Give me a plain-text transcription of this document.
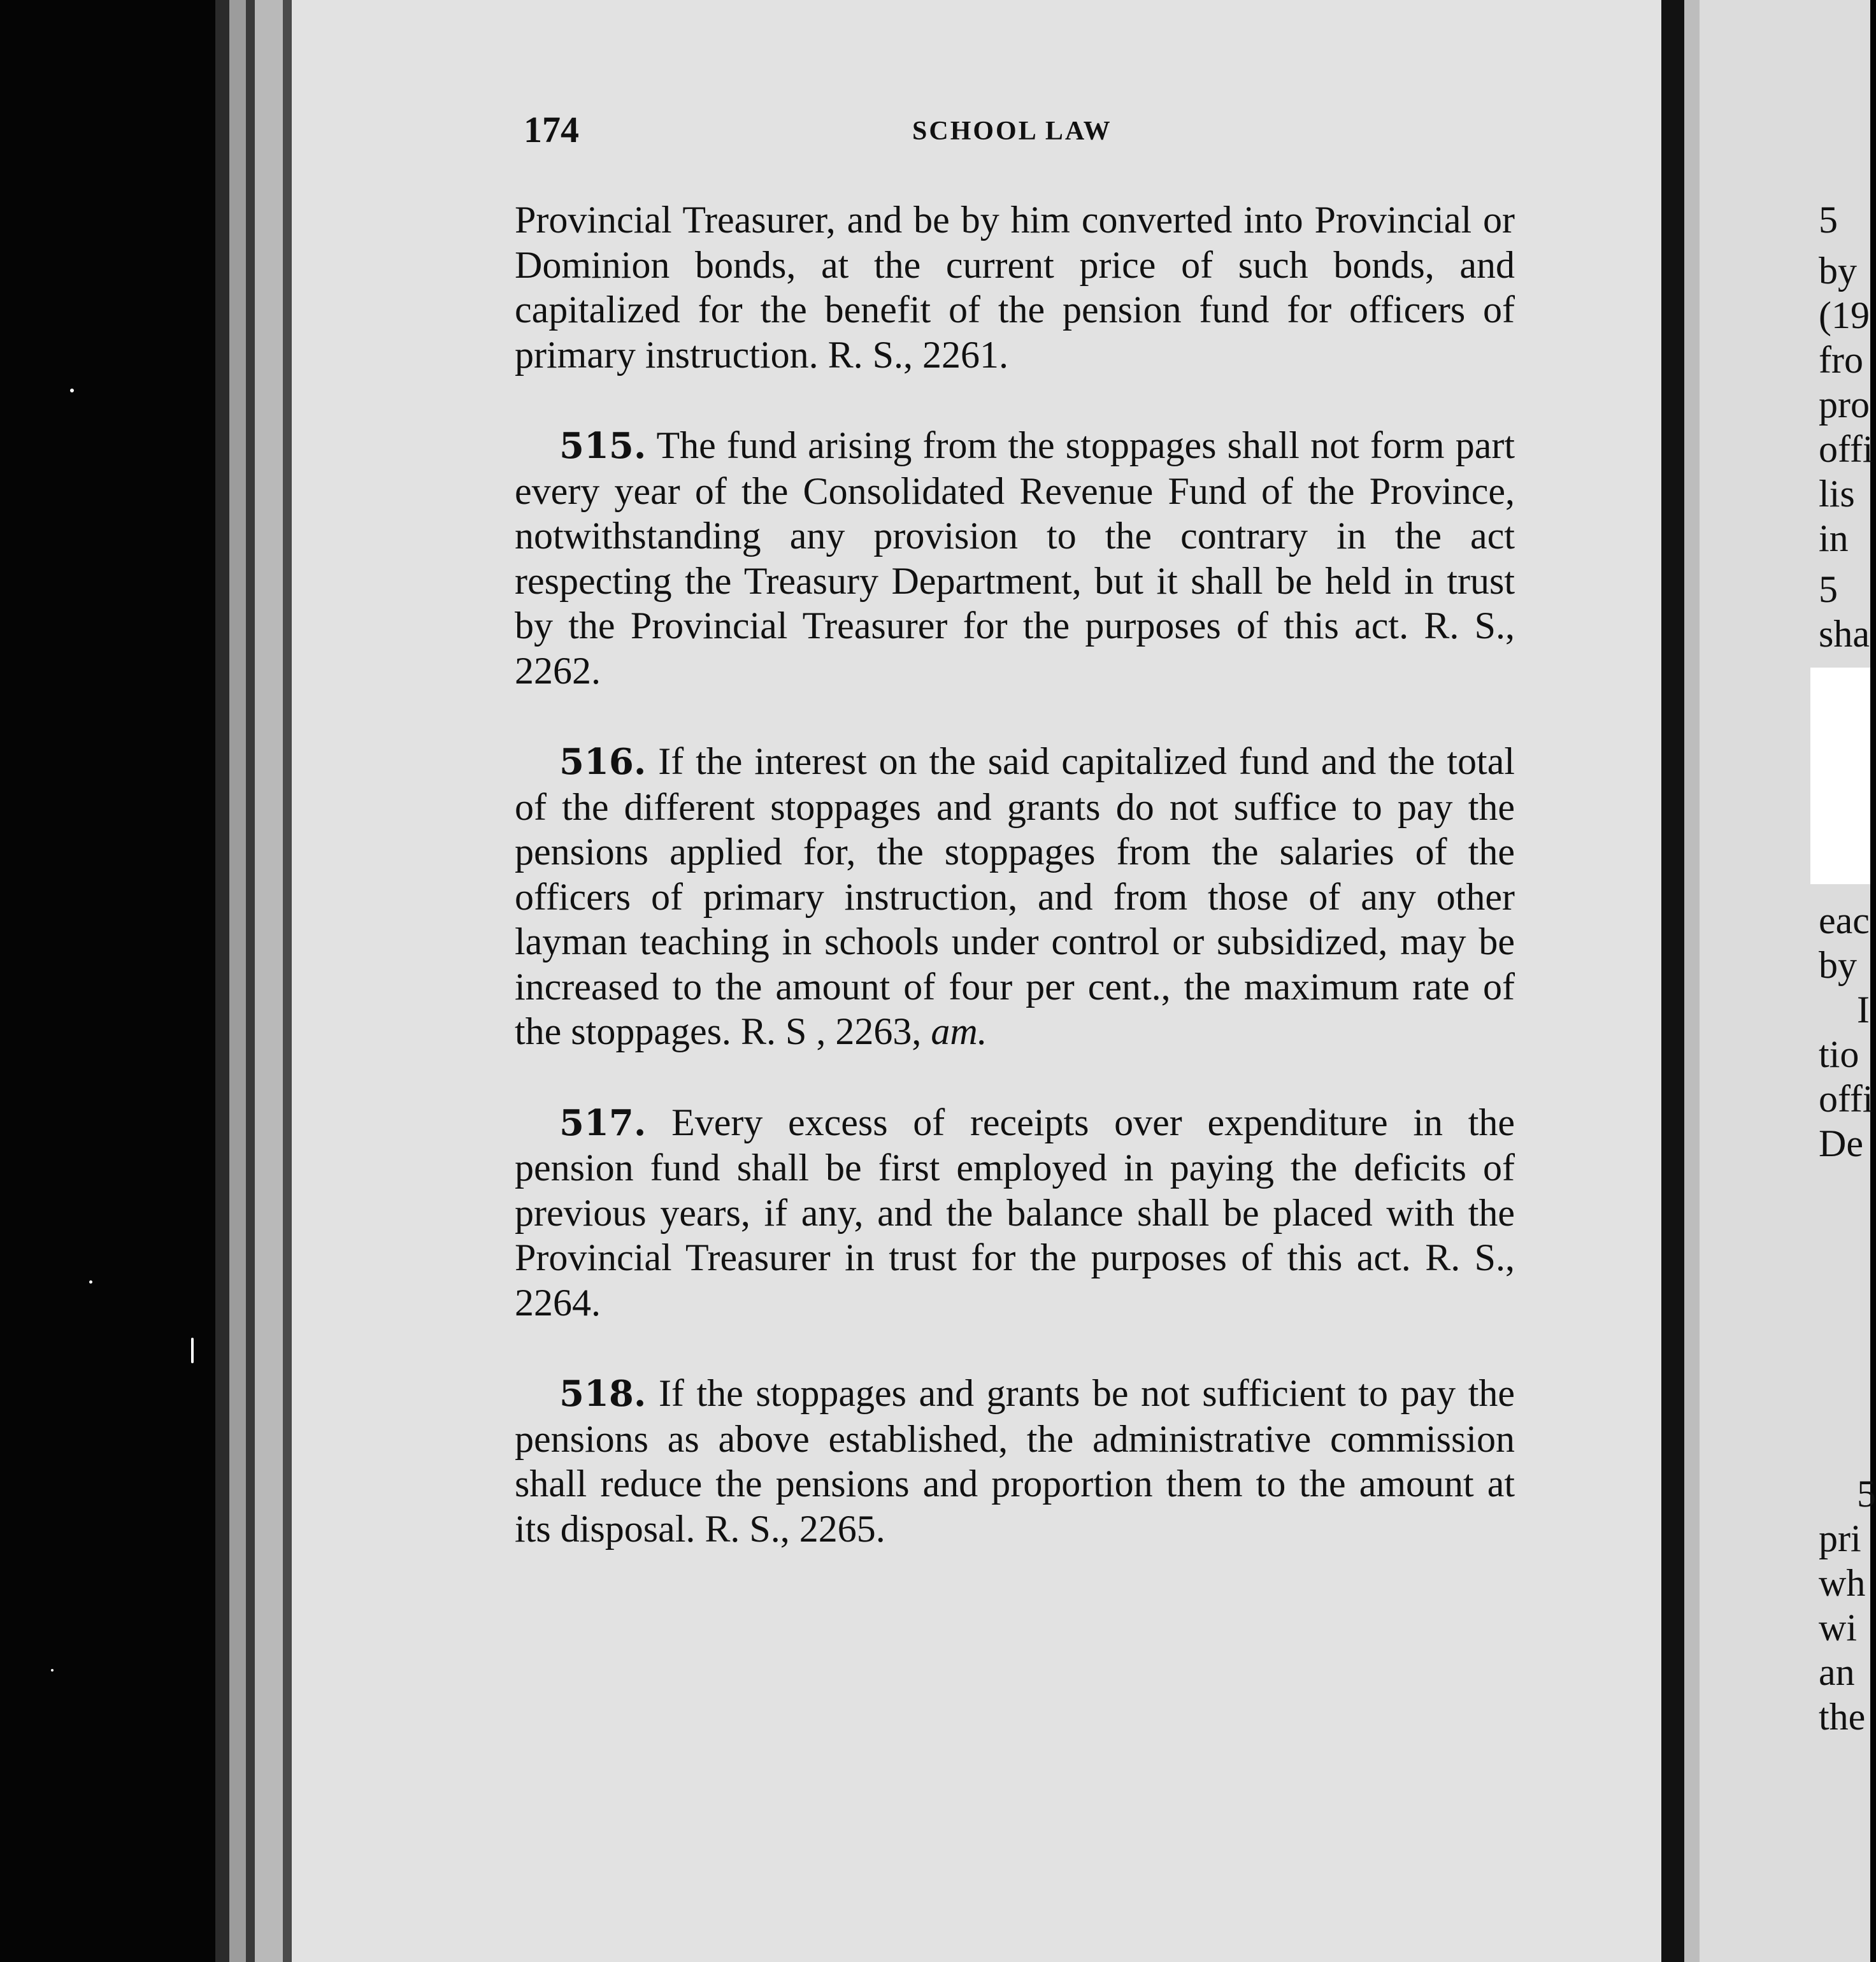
174	SCHOOL LAW

Provincial Treasurer, and be by him converted into Provincial or Dominion bonds, at the current price of such bonds, and capitalized for the benefit of the pension fund for officers of primary instruction. R. S., 2261.

515. The fund arising from the stoppages shall not form part every year of the Consolidated Revenue Fund of the Province, notwithstanding any provision to the contrary in the act respecting the Treasury Department, but it shall be held in trust by the Provincial Treasurer for the purposes of this act. R. S., 2262.

516. If the interest on the said capitalized fund and the total of the different stoppages and grants do not suffice to pay the pensions applied for, the stoppages from the salaries of the officers of primary instruction, and from those of any other layman teaching in schools under control or subsidized, may be increased to the amount of four per cent., the maximum rate of the stoppages. R. S , 2263, am.

517. Every excess of receipts over expenditure in the pension fund shall be first employed in paying the deficits of previous years, if any, and the balance shall be placed with the Provincial Treasurer in trust for the purposes of this act. R. S., 2264.

518. If the stoppages and grants be not sufficient to pay the pensions as above established, the administrative commission shall reduce the pensions and proportion them to the amount at its disposal. R. S., 2265.

5
by
(19
fro
pro
offi
lis
in
5
sha
eac
by
I
tio
offi
De
5
pri
wh
wi
an
the
